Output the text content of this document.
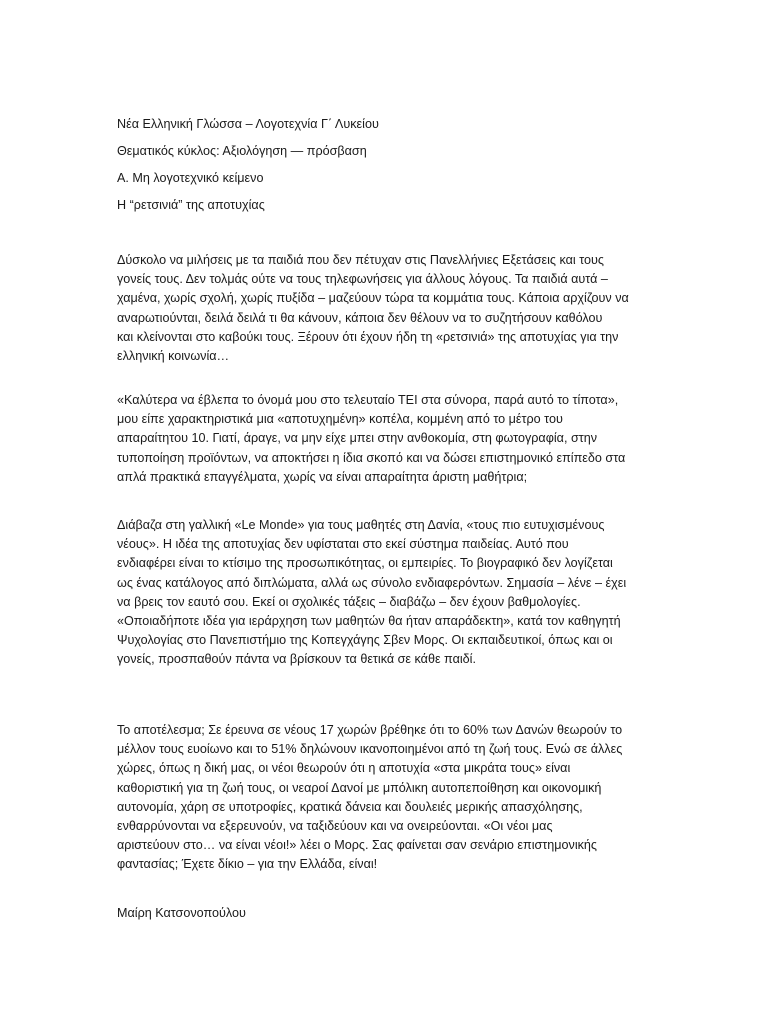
Νέα Ελληνική Γλώσσα – Λογοτεχνία Γ΄ Λυκείου

Θεματικός κύκλος: Αξιολόγηση — πρόσβαση

Α. Μη λογοτεχνικό κείμενο

Η “ρετσινιά” της αποτυχίας
Δύσκολο να μιλήσεις με τα παιδιά που δεν πέτυχαν στις Πανελλήνιες Εξετάσεις και τους
γονείς τους. Δεν τολμάς ούτε να τους τηλεφωνήσεις για άλλους λόγους. Τα παιδιά αυτά –
χαμένα, χωρίς σχολή, χωρίς πυξίδα – μαζεύουν τώρα τα κομμάτια τους. Κάποια αρχίζουν να
αναρωτιούνται, δειλά δειλά τι θα κάνουν, κάποια δεν θέλουν να το συζητήσουν καθόλου
και κλείνονται στο καβούκι τους. Ξέρουν ότι έχουν ήδη τη «ρετσινιά» της αποτυχίας για την
ελληνική κοινωνία…
«Καλύτερα να έβλεπα το όνομά μου στο τελευταίο ΤΕΙ στα σύνορα, παρά αυτό το τίποτα»,
μου είπε χαρακτηριστικά μια «αποτυχημένη» κοπέλα, κομμένη από το μέτρο του
απαραίτητου 10. Γιατί, άραγε, να μην είχε μπει στην ανθοκομία, στη φωτογραφία, στην
τυποποίηση προϊόντων, να αποκτήσει η ίδια σκοπό και να δώσει επιστημονικό επίπεδο στα
απλά πρακτικά επαγγέλματα, χωρίς να είναι απαραίτητα άριστη μαθήτρια;
Διάβαζα στη γαλλική «Le Monde» για τους μαθητές στη Δανία, «τους πιο ευτυχισμένους
νέους». Η ιδέα της αποτυχίας δεν υφίσταται στο εκεί σύστημα παιδείας. Αυτό που
ενδιαφέρει είναι το κτίσιμο της προσωπικότητας, οι εμπειρίες. Το βιογραφικό δεν λογίζεται
ως ένας κατάλογος από διπλώματα, αλλά ως σύνολο ενδιαφερόντων. Σημασία – λένε – έχει
να βρεις τον εαυτό σου. Εκεί οι σχολικές τάξεις – διαβάζω – δεν έχουν βαθμολογίες.
«Οποιαδήποτε ιδέα για ιεράρχηση των μαθητών θα ήταν απαράδεκτη», κατά τον καθηγητή
Ψυχολογίας στο Πανεπιστήμιο της Κοπεγχάγης Σβεν Μορς. Οι εκπαιδευτικοί, όπως και οι
γονείς, προσπαθούν πάντα να βρίσκουν τα θετικά σε κάθε παιδί.
Το αποτέλεσμα; Σε έρευνα σε νέους 17 χωρών βρέθηκε ότι το 60% των Δανών θεωρούν το
μέλλον τους ευοίωνο και το 51% δηλώνουν ικανοποιημένοι από τη ζωή τους. Ενώ σε άλλες
χώρες, όπως η δική μας, οι νέοι θεωρούν ότι η αποτυχία «στα μικράτα τους» είναι
καθοριστική για τη ζωή τους, οι νεαροί Δανοί με μπόλικη αυτοπεποίθηση και οικονομική
αυτονομία, χάρη σε υποτροφίες, κρατικά δάνεια και δουλειές μερικής απασχόλησης,
ενθαρρύνονται να εξερευνούν, να ταξιδεύουν και να ονειρεύονται. «Οι νέοι μας
αριστεύουν στο… να είναι νέοι!» λέει ο Μορς. Σας φαίνεται σαν σενάριο επιστημονικής
φαντασίας; Έχετε δίκιο – για την Ελλάδα, είναι!

Μαίρη Κατσονοπούλου
